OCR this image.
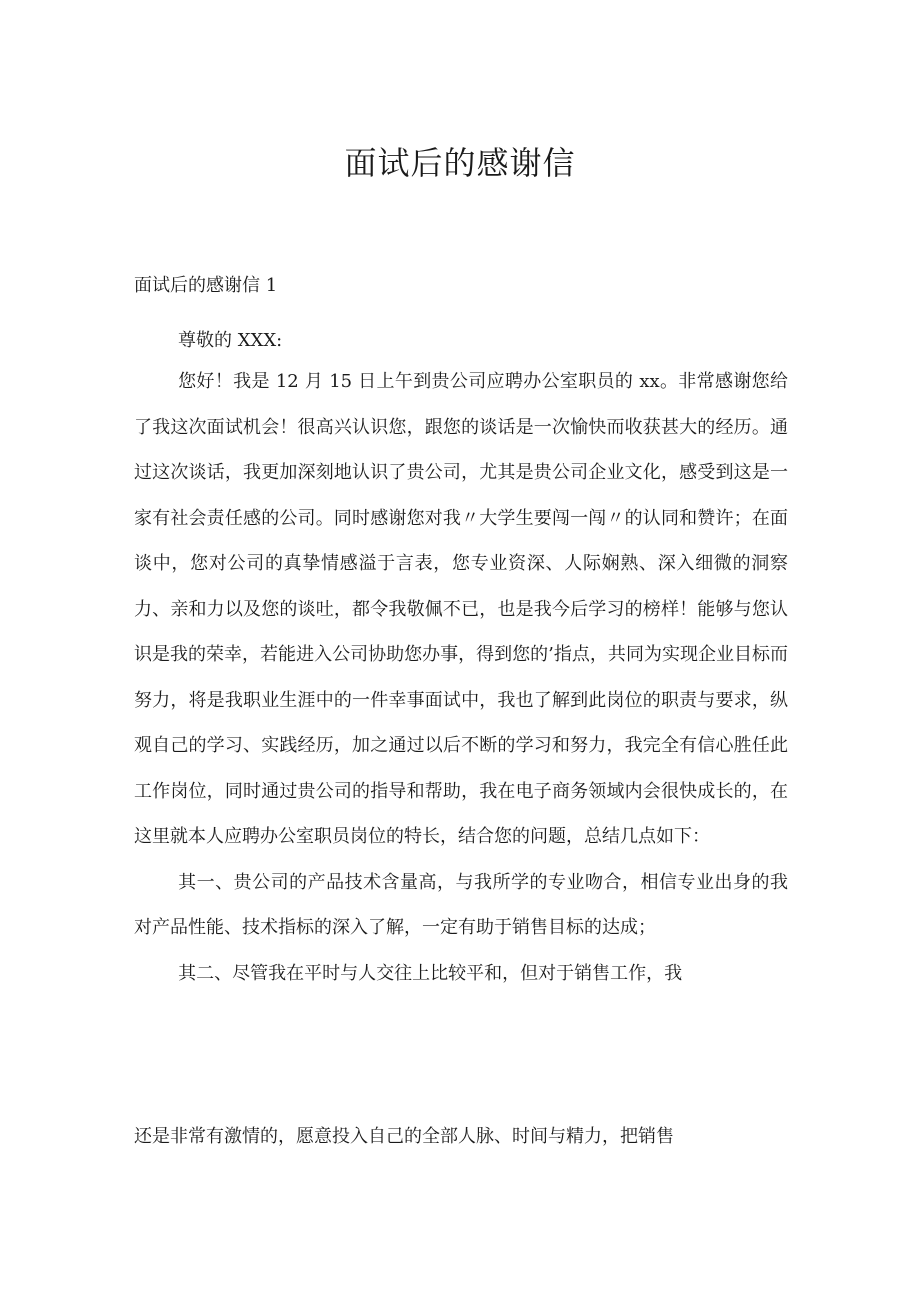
面试后的感谢信
面试后的感谢信 1
尊敬的 XXX:

您好！我是 12 月 15 日上午到贵公司应聘办公室职员的 xx。非常感谢您给了我这次面试机会！很高兴认识您，跟您的谈话是一次愉快而收获甚大的经历。通过这次谈话，我更加深刻地认识了贵公司，尤其是贵公司企业文化，感受到这是一家有社会责任感的公司。同时感谢您对我〃大学生要闯一闯〃的认同和赞许；在面谈中，您对公司的真挚情感溢于言表，您专业资深、人际娴熟、深入细微的洞察力、亲和力以及您的谈吐，都令我敬佩不已，也是我今后学习的榜样！能够与您认识是我的荣幸，若能进入公司协助您办事，得到您的’指点，共同为实现企业目标而努力，将是我职业生涯中的一件幸事面试中，我也了解到此岗位的职责与要求，纵观自己的学习、实践经历，加之通过以后不断的学习和努力，我完全有信心胜任此工作岗位，同时通过贵公司的指导和帮助，我在电子商务领域内会很快成长的，在这里就本人应聘办公室职员岗位的特长，结合您的问题，总结几点如下：

其一、贵公司的产品技术含量高，与我所学的专业吻合，相信专业出身的我对产品性能、技术指标的深入了解，一定有助于销售目标的达成；

其二、尽管我在平时与人交往上比较平和，但对于销售工作，我

还是非常有激情的，愿意投入自己的全部人脉、时间与精力，把销售
